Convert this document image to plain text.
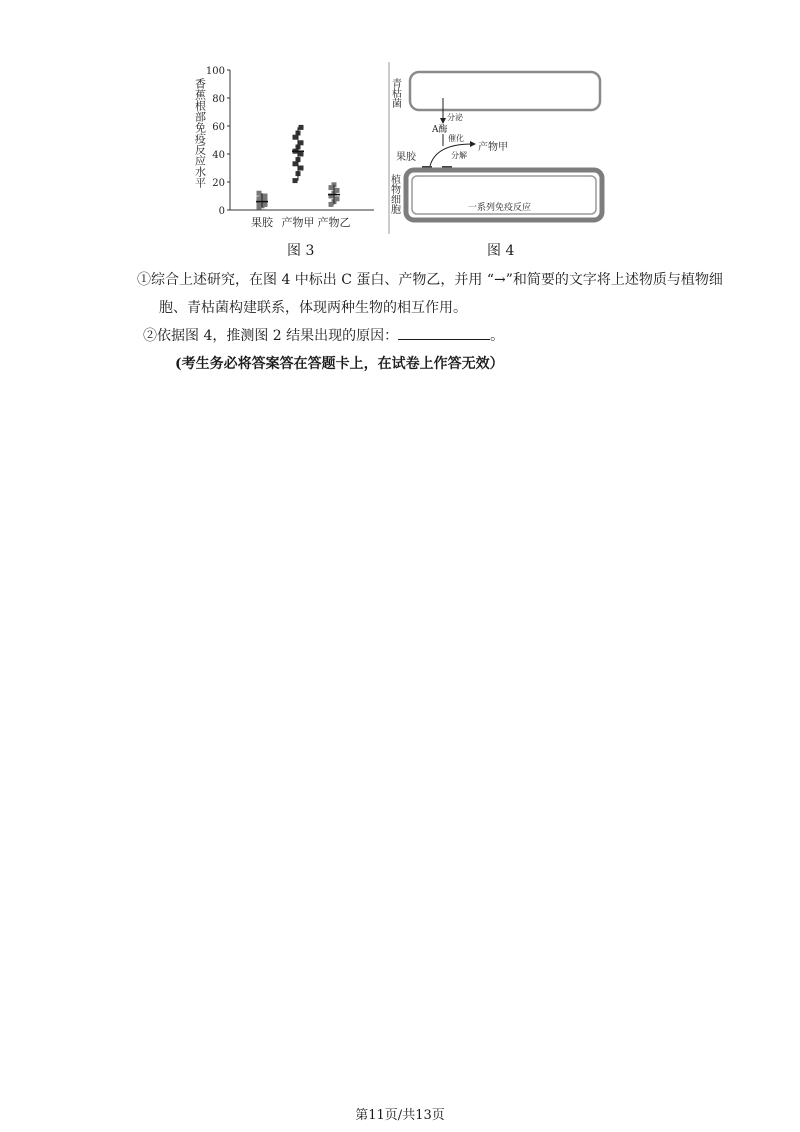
香蕉根部免疫反应水平
100
80
60
40
20
0
果胶 产物甲 产物乙
图 3
青枯菌
分泌
A酶
催化
分解
产物甲
果胶
植物细胞	一系列免疫反应
图 4
①综合上述研究，在图 4 中标出 C 蛋白、产物乙，并用 “→”和简要的文字将上述物质与植物细
胞、青枯菌构建联系，体现两种生物的相互作用。
②依据图 4，推测图 2 结果出现的原因：	。
(考生务必将答案答在答题卡上，在试卷上作答无效）
第11页/共13页
